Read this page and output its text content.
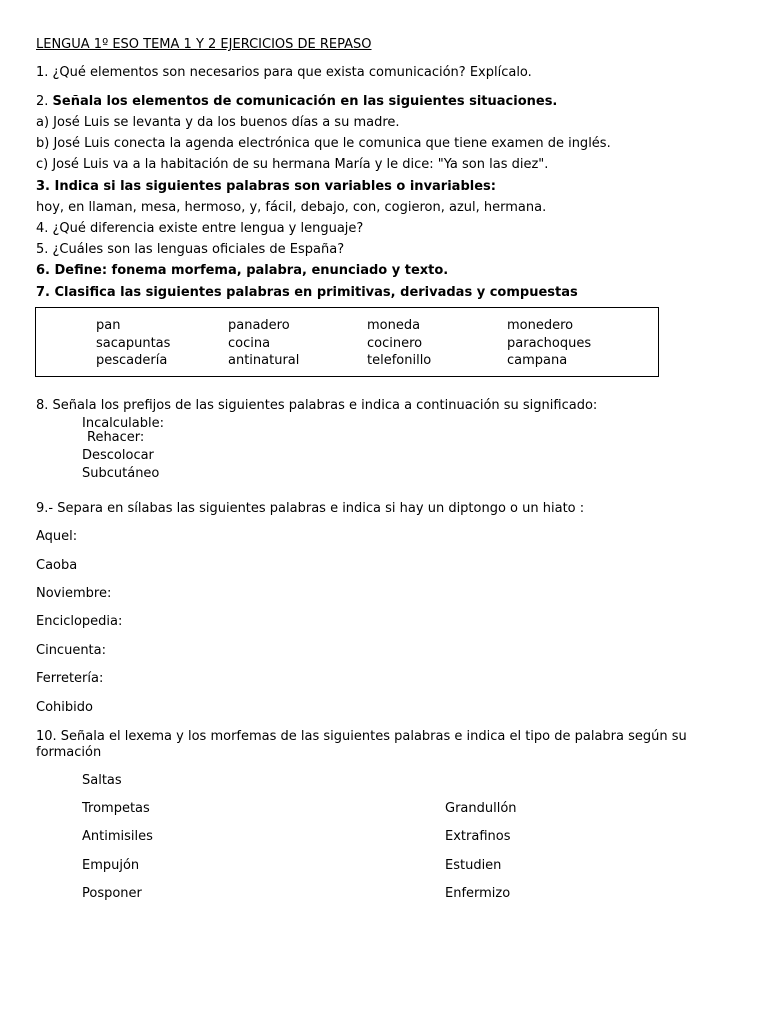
LENGUA 1º ESO TEMA 1 Y 2 EJERCICIOS DE REPASO
1. ¿Qué elementos son necesarios para que exista comunicación? Explícalo.
2. Señala los elementos de comunicación en las siguientes situaciones.
a) José Luis se levanta y da los buenos días a su madre.
b) José Luis conecta la agenda electrónica que le comunica que tiene examen de inglés.
c) José Luis va a la habitación de su hermana María y le dice: "Ya son las diez".
3. Indica si las siguientes palabras son variables o invariables:
hoy, en llaman, mesa, hermoso, y, fácil, debajo, con, cogieron, azul, hermana.
4. ¿Qué diferencia existe entre lengua y lenguaje?
5. ¿Cuáles son las lenguas oficiales de España?
6. Define: fonema morfema, palabra, enunciado y texto.
7. Clasifica las siguientes palabras en primitivas, derivadas y compuestas
pan	panadero	moneda	monedero
sacapuntas	cocina	cocinero	parachoques
pescadería	antinatural	telefonillo	campana
8. Señala los prefijos de las siguientes palabras e indica a continuación su significado:
Incalculable:
Rehacer:
Descolocar
Subcutáneo
9.- Separa en sílabas las siguientes palabras e indica si hay un diptongo o un hiato :
Aquel:
Caoba
Noviembre:
Enciclopedia:
Cincuenta:
Ferretería:
Cohibido
10. Señala el lexema y los morfemas de las siguientes palabras e indica el tipo de palabra según su
formación
Saltas
Trompetas	Grandullón
Antimisiles	Extrafinos
Empujón	Estudien
Posponer	Enfermizo
